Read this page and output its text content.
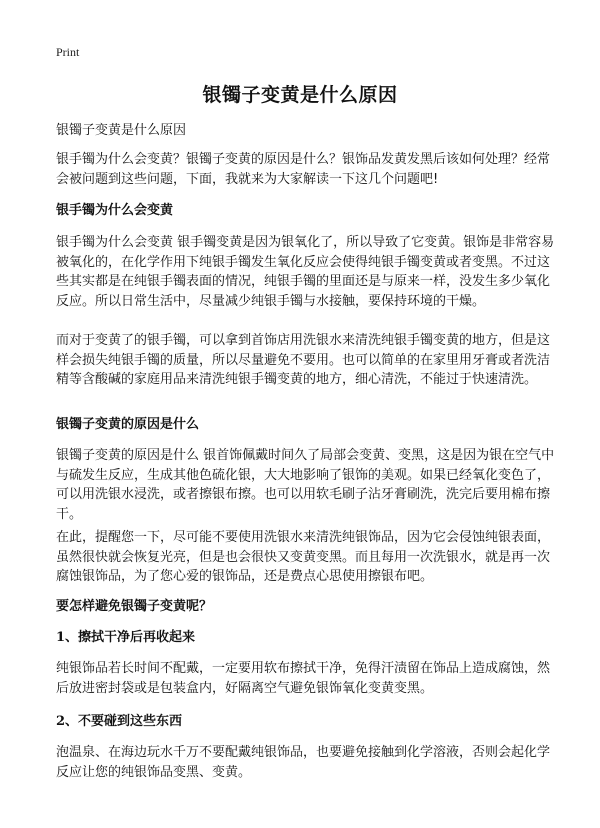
Print
银镯子变黄是什么原因

银镯子变黄是什么原因

银手镯为什么会变黄？银镯子变黄的原因是什么？银饰品发黄发黑后该如何处理？经常会被问题到这些问题，下面，我就来为大家解读一下这几个问题吧!

银手镯为什么会变黄

银手镯为什么会变黄 银手镯变黄是因为银氧化了，所以导致了它变黄。银饰是非常容易被氧化的，在化学作用下纯银手镯发生氧化反应会使得纯银手镯变黄或者变黑。不过这些其实都是在纯银手镯表面的情况，纯银手镯的里面还是与原来一样，没发生多少氧化反应。所以日常生活中，尽量减少纯银手镯与水接触，要保持环境的干燥。

而对于变黄了的银手镯，可以拿到首饰店用洗银水来清洗纯银手镯变黄的地方，但是这样会损失纯银手镯的质量，所以尽量避免不要用。也可以简单的在家里用牙膏或者洗洁精等含酸碱的家庭用品来清洗纯银手镯变黄的地方，细心清洗，不能过于快速清洗。

银镯子变黄的原因是什么

银镯子变黄的原因是什么 银首饰佩戴时间久了局部会变黄、变黑，这是因为银在空气中与硫发生反应，生成其他色硫化银，大大地影响了银饰的美观。如果已经氧化变色了，可以用洗银水浸洗，或者擦银布擦。也可以用软毛刷子沾牙膏刷洗，洗完后要用棉布擦干。

在此，提醒您一下，尽可能不要使用洗银水来清洗纯银饰品，因为它会侵蚀纯银表面，虽然很快就会恢复光亮，但是也会很快又变黄变黑。而且每用一次洗银水，就是再一次腐蚀银饰品，为了您心爱的银饰品，还是费点心思使用擦银布吧。

要怎样避免银镯子变黄呢？
1、擦拭干净后再收起来

纯银饰品若长时间不配戴，一定要用软布擦拭干净，免得汗渍留在饰品上造成腐蚀，然后放进密封袋或是包装盒内，好隔离空气避免银饰氧化变黄变黑。

2、不要碰到这些东西

泡温泉、在海边玩水千万不要配戴纯银饰品，也要避免接触到化学溶液，否则会起化学反应让您的纯银饰品变黑、变黄。
